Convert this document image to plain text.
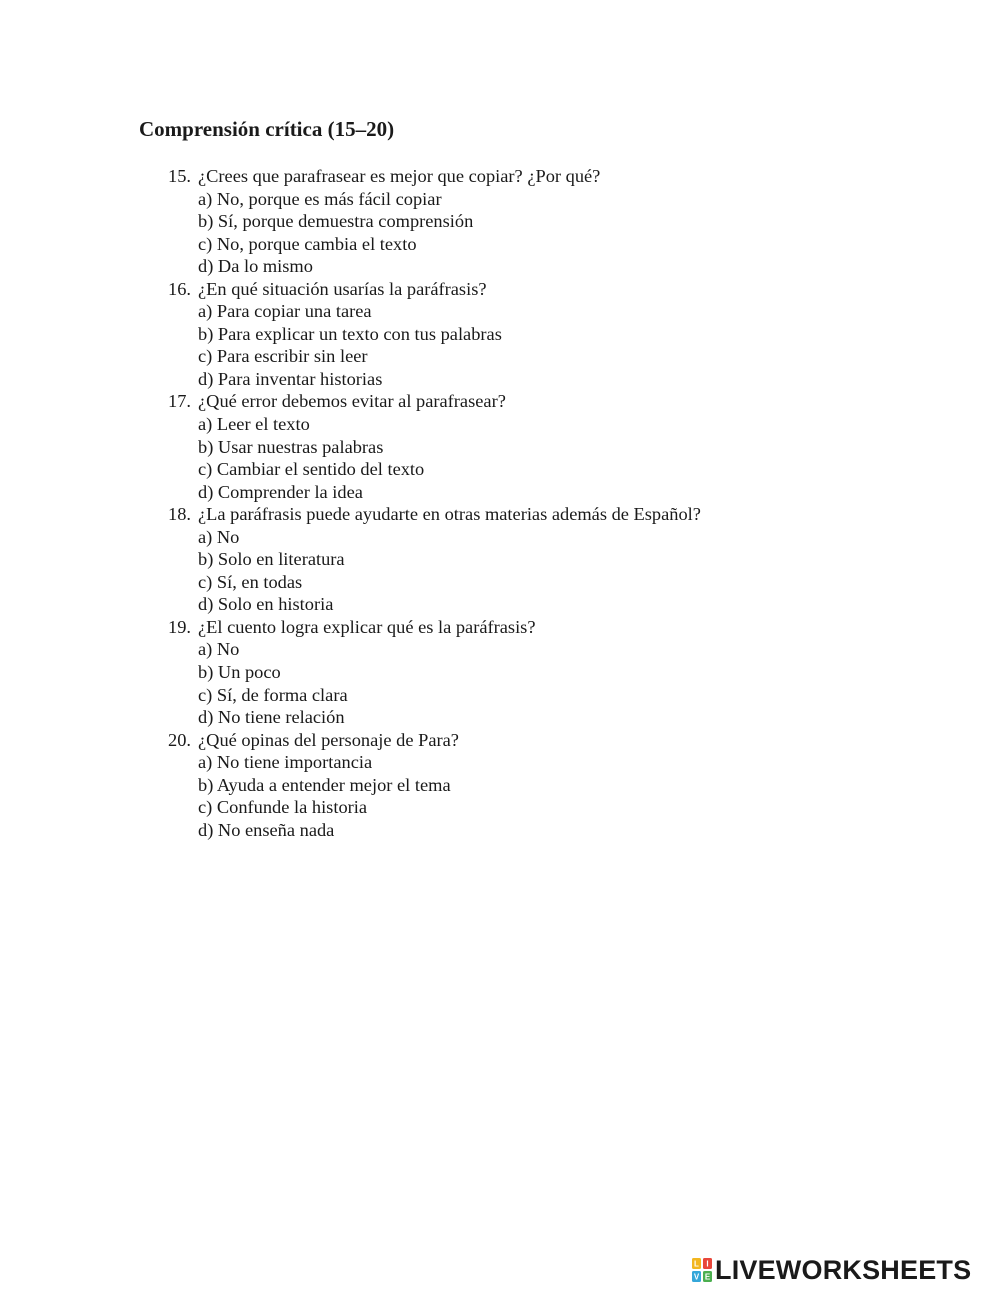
Comprensión crítica (15–20)
15. ¿Crees que parafrasear es mejor que copiar? ¿Por qué?
a) No, porque es más fácil copiar
b) Sí, porque demuestra comprensión
c) No, porque cambia el texto
d) Da lo mismo
16. ¿En qué situación usarías la paráfrasis?
a) Para copiar una tarea
b) Para explicar un texto con tus palabras
c) Para escribir sin leer
d) Para inventar historias
17. ¿Qué error debemos evitar al parafrasear?
a) Leer el texto
b) Usar nuestras palabras
c) Cambiar el sentido del texto
d) Comprender la idea
18. ¿La paráfrasis puede ayudarte en otras materias además de Español?
a) No
b) Solo en literatura
c) Sí, en todas
d) Solo en historia
19. ¿El cuento logra explicar qué es la paráfrasis?
a) No
b) Un poco
c) Sí, de forma clara
d) No tiene relación
20. ¿Qué opinas del personaje de Para?
a) No tiene importancia
b) Ayuda a entender mejor el tema
c) Confunde la historia
d) No enseña nada
L I
V E LIVEWORKSHEETS
